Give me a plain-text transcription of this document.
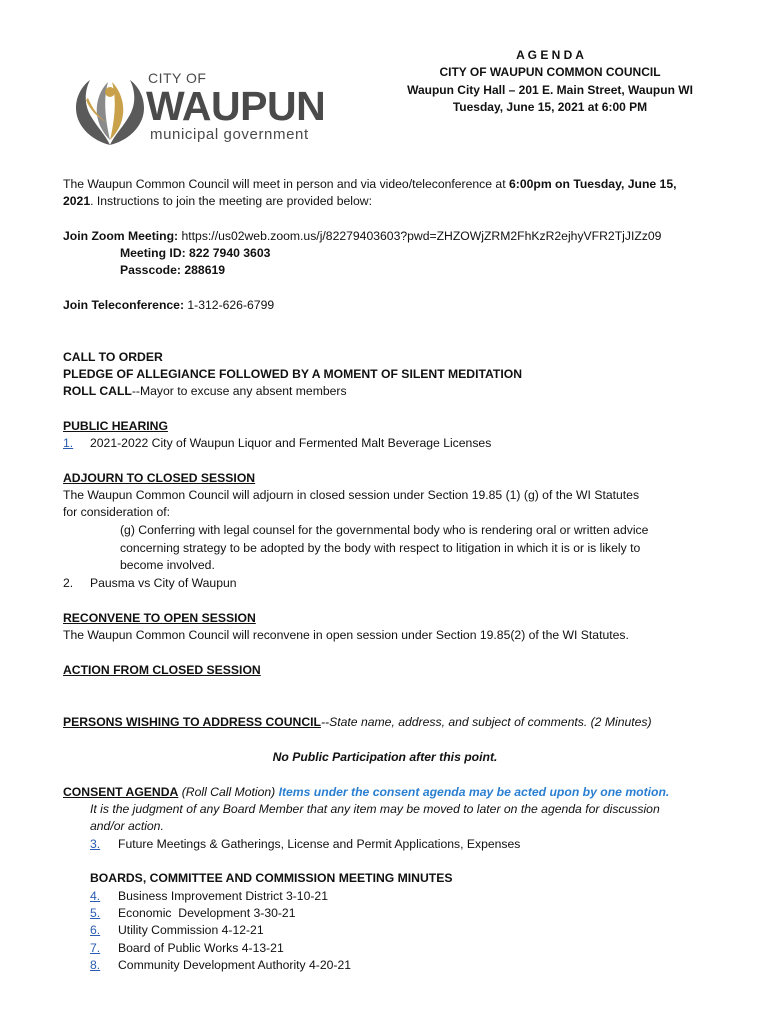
CITY OF
WAUPUN
municipal government
A G E N D A
CITY OF WAUPUN COMMON COUNCIL
Waupun City Hall – 201 E. Main Street, Waupun WI
Tuesday, June 15, 2021 at 6:00 PM
The Waupun Common Council will meet in person and via video/teleconference at 6:00pm on Tuesday, June 15,
2021. Instructions to join the meeting are provided below:
Join Zoom Meeting: https://us02web.zoom.us/j/82279403603?pwd=ZHZOWjZRM2FhKzR2ejhyVFR2TjJIZz09
Meeting ID: 822 7940 3603
Passcode: 288619
Join Teleconference: 1-312-626-6799
CALL TO ORDER
PLEDGE OF ALLEGIANCE FOLLOWED BY A MOMENT OF SILENT MEDITATION
ROLL CALL--Mayor to excuse any absent members
PUBLIC HEARING
1. 2021-2022 City of Waupun Liquor and Fermented Malt Beverage Licenses
ADJOURN TO CLOSED SESSION
The Waupun Common Council will adjourn in closed session under Section 19.85 (1) (g) of the WI Statutes
for consideration of:
(g) Conferring with legal counsel for the governmental body who is rendering oral or written advice
concerning strategy to be adopted by the body with respect to litigation in which it is or is likely to
become involved.
2. Pausma vs City of Waupun
RECONVENE TO OPEN SESSION
The Waupun Common Council will reconvene in open session under Section 19.85(2) of the WI Statutes.
ACTION FROM CLOSED SESSION
PERSONS WISHING TO ADDRESS COUNCIL--State name, address, and subject of comments. (2 Minutes)
No Public Participation after this point.
CONSENT AGENDA (Roll Call Motion) Items under the consent agenda may be acted upon by one motion.
It is the judgment of any Board Member that any item may be moved to later on the agenda for discussion
and/or action.
3. Future Meetings & Gatherings, License and Permit Applications, Expenses
BOARDS, COMMITTEE AND COMMISSION MEETING MINUTES
4. Business Improvement District 3-10-21
5. Economic  Development 3-30-21
6. Utility Commission 4-12-21
7. Board of Public Works 4-13-21
8. Community Development Authority 4-20-21
